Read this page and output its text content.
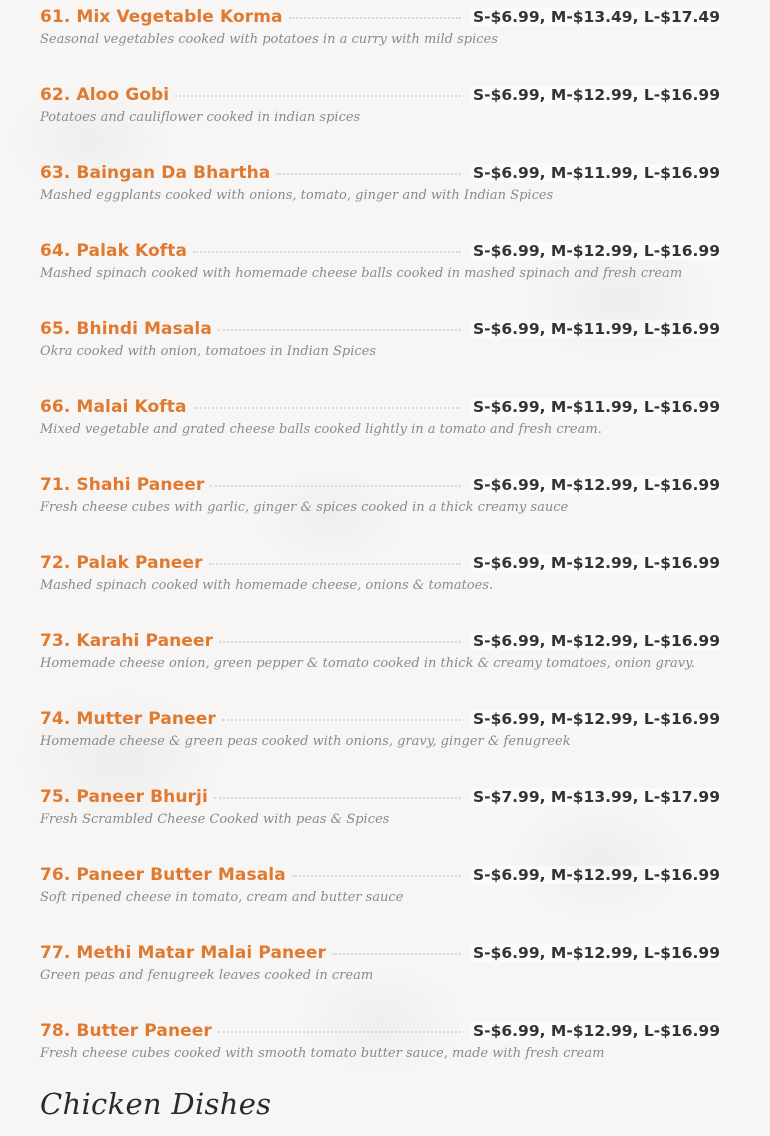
61. Mix Vegetable Korma	S-$6.99, M-$13.49, L-$17.49
Seasonal vegetables cooked with potatoes in a curry with mild spices
62. Aloo Gobi	S-$6.99, M-$12.99, L-$16.99
Potatoes and cauliflower cooked in indian spices
63. Baingan Da Bhartha	S-$6.99, M-$11.99, L-$16.99
Mashed eggplants cooked with onions, tomato, ginger and with Indian Spices
64. Palak Kofta	S-$6.99, M-$12.99, L-$16.99
Mashed spinach cooked with homemade cheese balls cooked in mashed spinach and fresh cream
65. Bhindi Masala	S-$6.99, M-$11.99, L-$16.99
Okra cooked with onion, tomatoes in Indian Spices
66. Malai Kofta	S-$6.99, M-$11.99, L-$16.99
Mixed vegetable and grated cheese balls cooked lightly in a tomato and fresh cream.
71. Shahi Paneer	S-$6.99, M-$12.99, L-$16.99
Fresh cheese cubes with garlic, ginger & spices cooked in a thick creamy sauce
72. Palak Paneer	S-$6.99, M-$12.99, L-$16.99
Mashed spinach cooked with homemade cheese, onions & tomatoes.
73. Karahi Paneer	S-$6.99, M-$12.99, L-$16.99
Homemade cheese onion, green pepper & tomato cooked in thick & creamy tomatoes, onion gravy.
74. Mutter Paneer	S-$6.99, M-$12.99, L-$16.99
Homemade cheese & green peas cooked with onions, gravy, ginger & fenugreek
75. Paneer Bhurji	S-$7.99, M-$13.99, L-$17.99
Fresh Scrambled Cheese Cooked with peas & Spices
76. Paneer Butter Masala	S-$6.99, M-$12.99, L-$16.99
Soft ripened cheese in tomato, cream and butter sauce
77. Methi Matar Malai Paneer	S-$6.99, M-$12.99, L-$16.99
Green peas and fenugreek leaves cooked in cream
78. Butter Paneer	S-$6.99, M-$12.99, L-$16.99
Fresh cheese cubes cooked with smooth tomato butter sauce, made with fresh cream
Chicken Dishes
